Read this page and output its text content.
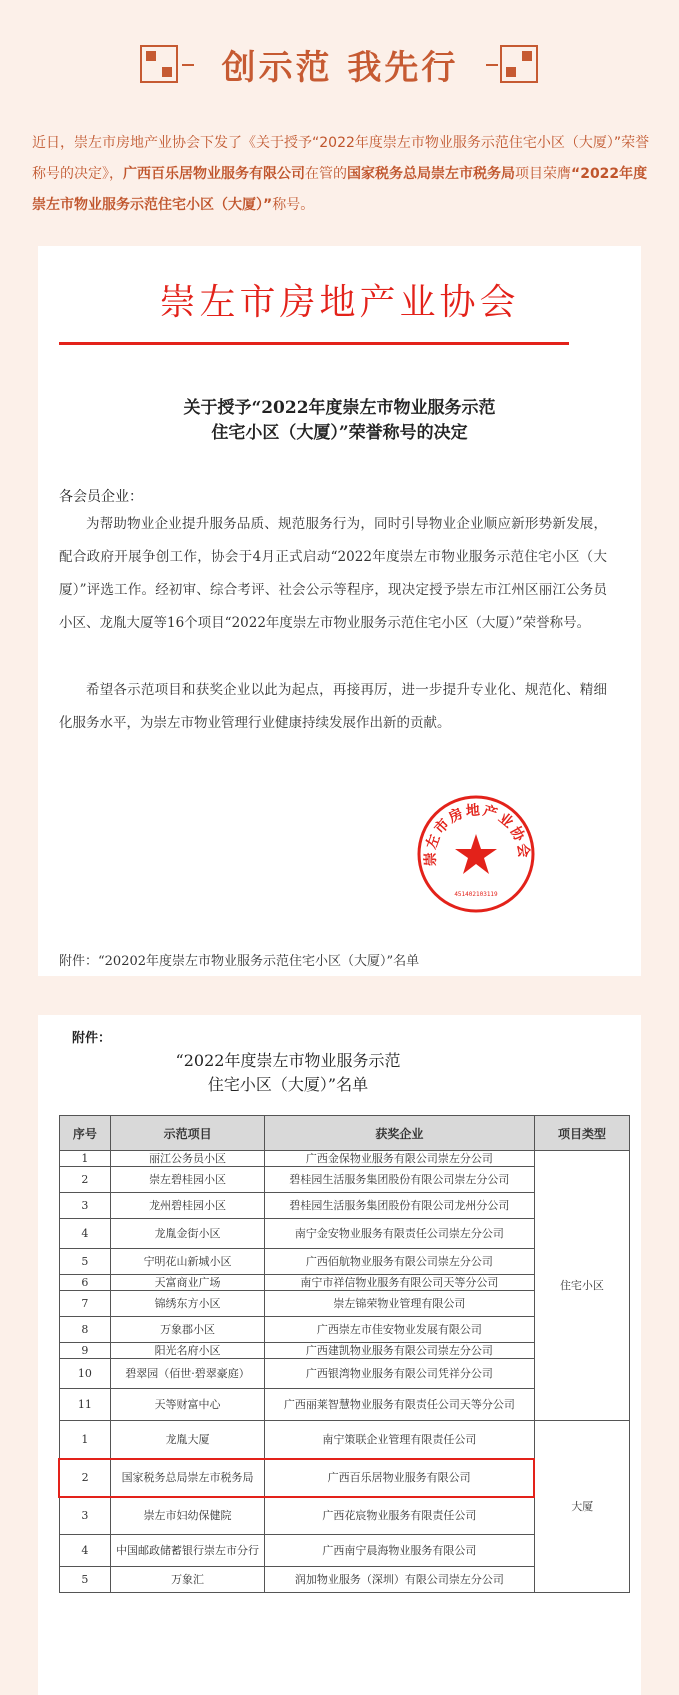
创示范 我先行
近日，崇左市房地产业协会下发了《关于授予“2022年度崇左市物业服务示范住宅小区（大厦）”荣誉称号的决定》，广西百乐居物业服务有限公司在管的国家税务总局崇左市税务局项目荣膺“2022年度崇左市物业服务示范住宅小区（大厦）”称号。
崇左市房地产业协会
关于授予“2022年度崇左市物业服务示范
住宅小区（大厦）”荣誉称号的决定
各会员企业：
为帮助物业企业提升服务品质、规范服务行为，同时引导物业企业顺应新形势新发展，配合政府开展争创工作，协会于4月正式启动“2022年度崇左市物业服务示范住宅小区（大厦）”评选工作。经初审、综合考评、社会公示等程序，现决定授予崇左市江州区丽江公务员小区、龙胤大厦等16个项目“2022年度崇左市物业服务示范住宅小区（大厦）”荣誉称号。
希望各示范项目和获奖企业以此为起点，再接再厉，进一步提升专业化、规范化、精细化服务水平，为崇左市物业管理行业健康持续发展作出新的贡献。
崇左市房地产业协会
451402103119
附件：“20202年度崇左市物业服务示范住宅小区（大厦）”名单
附件：
“2022年度崇左市物业服务示范
住宅小区（大厦）”名单
序号	示范项目	获奖企业	项目类型
1	丽江公务员小区	广西金保物业服务有限公司崇左分公司	住宅小区
2	崇左碧桂园小区	碧桂园生活服务集团股份有限公司崇左分公司	
3	龙州碧桂园小区	碧桂园生活服务集团股份有限公司龙州分公司	
4	龙胤金街小区	南宁金安物业服务有限责任公司崇左分公司	
5	宁明花山新城小区	广西佰航物业服务有限公司崇左分公司	
6	天富商业广场	南宁市祥信物业服务有限公司天等分公司	
7	锦绣东方小区	崇左锦荣物业管理有限公司	
8	万象郡小区	广西崇左市佳安物业发展有限公司	
9	阳光名府小区	广西建凯物业服务有限公司崇左分公司	
10	碧翠园（佰世·碧翠豪庭）	广西银湾物业服务有限公司凭祥分公司	
11	天等财富中心	广西丽莱智慧物业服务有限责任公司天等分公司	
1	龙胤大厦	南宁策联企业管理有限责任公司	大厦
2	国家税务总局崇左市税务局	广西百乐居物业服务有限公司	
3	崇左市妇幼保健院	广西花宸物业服务有限责任公司	
4	中国邮政储蓄银行崇左市分行	广西南宁晨海物业服务有限公司	
5	万象汇	润加物业服务（深圳）有限公司崇左分公司	
